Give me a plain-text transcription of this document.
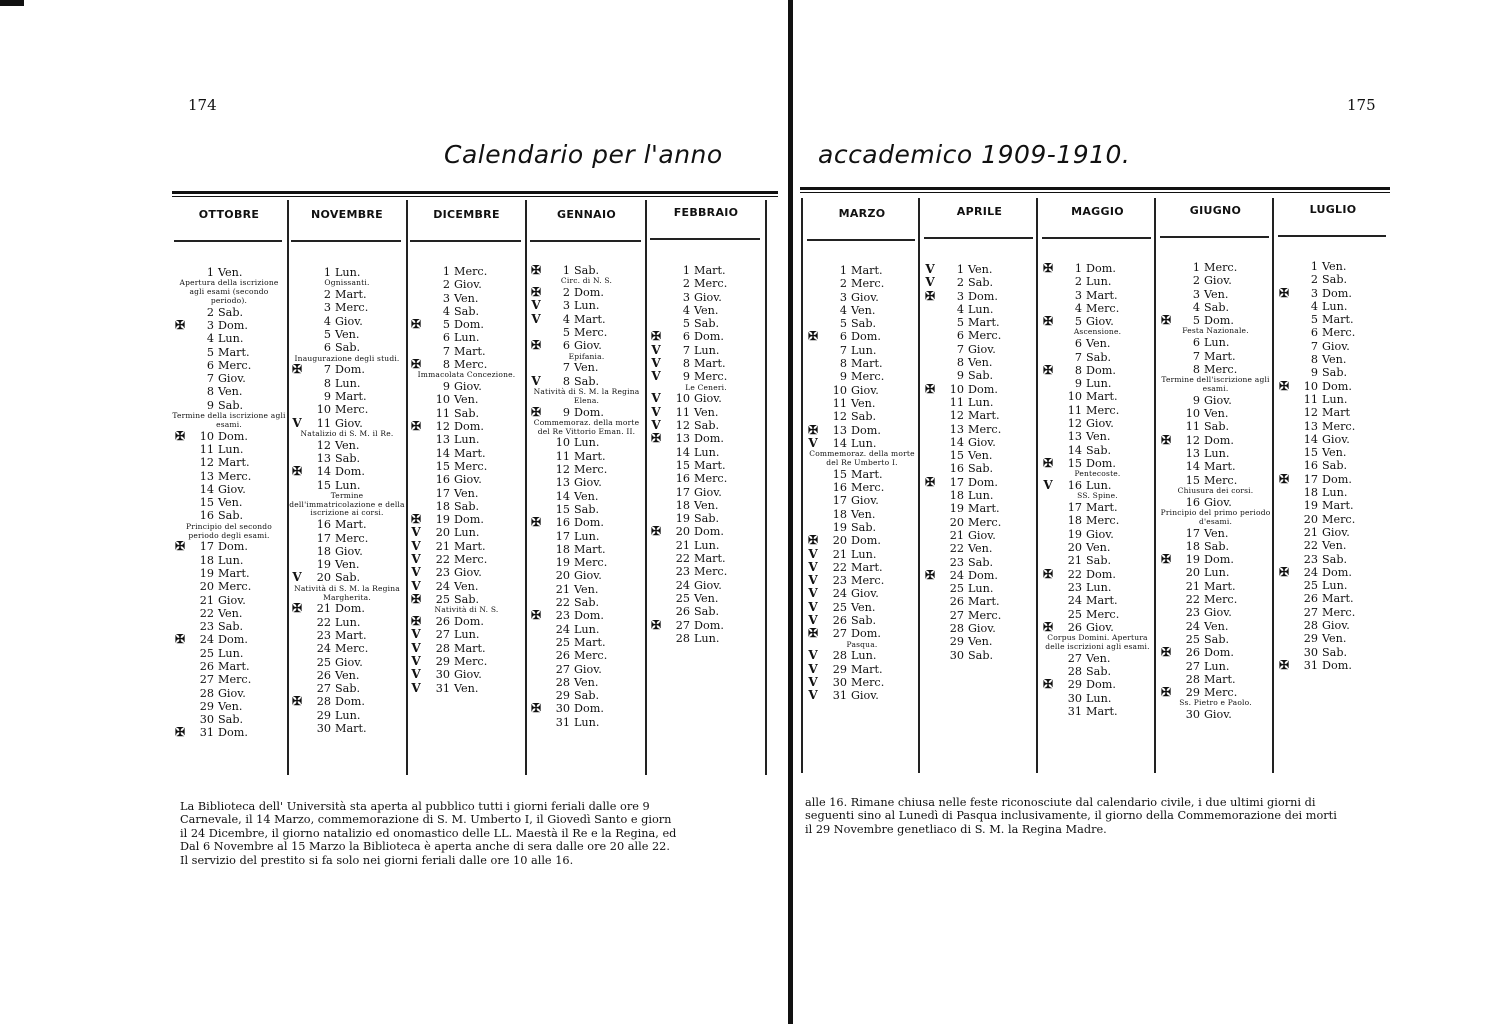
174
Calendario per l'anno
La Biblioteca dell' Università sta aperta al pubblico tutti i giorni feriali dalle ore 9
Carnevale, il 14 Marzo, commemorazione di S. M. Umberto I, il Giovedì Santo e giorn
il 24 Dicembre, il giorno natalizio ed onomastico delle LL. Maestà il Re e la Regina, ed
Dal 6 Novembre al 15 Marzo la Biblioteca è aperta anche di sera dalle ore 20 alle 22.
Il servizio del prestito si fa solo nei giorni feriali dalle ore 10 alle 16.
175
accademico 1909-1910.
alle 16. Rimane chiusa nelle feste riconosciute dal calendario civile, i due ultimi giorni di
seguenti sino al Lunedì di Pasqua inclusivamente, il giorno della Commemorazione dei morti
il 29 Novembre genetliaco di S. M. la Regina Madre.
OTTOBRE
1 Ven.
Apertura della iscrizione agli esami (secondo periodo).
2 Sab.
✠	3 Dom.
4 Lun.
5 Mart.
6 Merc.
7 Giov.
8 Ven.
9 Sab.
Termine della iscrizione agli esami.
✠	10 Dom.
11 Lun.
12 Mart.
13 Merc.
14 Giov.
15 Ven.
16 Sab.
Principio del secondo periodo degli esami.
✠	17 Dom.
18 Lun.
19 Mart.
20 Merc.
21 Giov.
22 Ven.
23 Sab.
✠	24 Dom.
25 Lun.
26 Mart.
27 Merc.
28 Giov.
29 Ven.
30 Sab.
✠	31 Dom.
NOVEMBRE
1 Lun.
Ognissanti.
2 Mart.
3 Merc.
4 Giov.
5 Ven.
6 Sab.
Inaugurazione degli studi.
✠	7 Dom.
8 Lun.
9 Mart.
10 Merc.
V	11 Giov.
Natalizio di S. M. il Re.
12 Ven.
13 Sab.
✠	14 Dom.
15 Lun.
Termine dell'immatricolazione e della iscrizione ai corsi.
16 Mart.
17 Merc.
18 Giov.
19 Ven.
V	20 Sab.
Natività di S. M. la Regina Margherita.
✠	21 Dom.
22 Lun.
23 Mart.
24 Merc.
25 Giov.
26 Ven.
27 Sab.
✠	28 Dom.
29 Lun.
30 Mart.
DICEMBRE
1 Merc.
2 Giov.
3 Ven.
4 Sab.
✠	5 Dom.
6 Lun.
7 Mart.
✠	8 Merc.
Immacolata Concezione.
9 Giov.
10 Ven.
11 Sab.
✠	12 Dom.
13 Lun.
14 Mart.
15 Merc.
16 Giov.
17 Ven.
18 Sab.
✠	19 Dom.
V	20 Lun.
V	21 Mart.
V	22 Merc.
V	23 Giov.
V	24 Ven.
✠	25 Sab.
Natività di N. S.
✠	26 Dom.
V	27 Lun.
V	28 Mart.
V	29 Merc.
V	30 Giov.
V	31 Ven.
GENNAIO
✠	1 Sab.
Circ. di N. S.
✠	2 Dom.
V	3 Lun.
V	4 Mart.
5 Merc.
✠	6 Giov.
Epifania.
7 Ven.
V	8 Sab.
Natività di S. M. la Regina Elena.
✠	9 Dom.
Commemoraz. della morte del Re Vittorio Eman. II.
10 Lun.
11 Mart.
12 Merc.
13 Giov.
14 Ven.
15 Sab.
✠	16 Dom.
17 Lun.
18 Mart.
19 Merc.
20 Giov.
21 Ven.
22 Sab.
✠	23 Dom.
24 Lun.
25 Mart.
26 Merc.
27 Giov.
28 Ven.
29 Sab.
✠	30 Dom.
31 Lun.
FEBBRAIO
1 Mart.
2 Merc.
3 Giov.
4 Ven.
5 Sab.
✠	6 Dom.
V	7 Lun.
V	8 Mart.
V	9 Merc.
Le Ceneri.
V	10 Giov.
V	11 Ven.
V	12 Sab.
✠	13 Dom.
14 Lun.
15 Mart.
16 Merc.
17 Giov.
18 Ven.
19 Sab.
✠	20 Dom.
21 Lun.
22 Mart.
23 Merc.
24 Giov.
25 Ven.
26 Sab.
✠	27 Dom.
28 Lun.
MARZO
1 Mart.
2 Merc.
3 Giov.
4 Ven.
5 Sab.
✠	6 Dom.
7 Lun.
8 Mart.
9 Merc.
10 Giov.
11 Ven.
12 Sab.
✠	13 Dom.
V	14 Lun.
Commemoraz. della morte del Re Umberto I.
15 Mart.
16 Merc.
17 Giov.
18 Ven.
19 Sab.
✠	20 Dom.
V	21 Lun.
V	22 Mart.
V	23 Merc.
V	24 Giov.
V	25 Ven.
V	26 Sab.
✠	27 Dom.
Pasqua.
V	28 Lun.
V	29 Mart.
V	30 Merc.
V	31 Giov.
APRILE
V	1 Ven.
V	2 Sab.
✠	3 Dom.
4 Lun.
5 Mart.
6 Merc.
7 Giov.
8 Ven.
9 Sab.
✠	10 Dom.
11 Lun.
12 Mart.
13 Merc.
14 Giov.
15 Ven.
16 Sab.
✠	17 Dom.
18 Lun.
19 Mart.
20 Merc.
21 Giov.
22 Ven.
23 Sab.
✠	24 Dom.
25 Lun.
26 Mart.
27 Merc.
28 Giov.
29 Ven.
30 Sab.
MAGGIO
✠	1 Dom.
2 Lun.
3 Mart.
4 Merc.
✠	5 Giov.
Ascensione.
6 Ven.
7 Sab.
✠	8 Dom.
9 Lun.
10 Mart.
11 Merc.
12 Giov.
13 Ven.
14 Sab.
✠	15 Dom.
Pentecoste.
V	16 Lun.
SS. Spine.
17 Mart.
18 Merc.
19 Giov.
20 Ven.
21 Sab.
✠	22 Dom.
23 Lun.
24 Mart.
25 Merc.
✠	26 Giov.
Corpus Domini. Apertura delle iscrizioni agli esami.
27 Ven.
28 Sab.
✠	29 Dom.
30 Lun.
31 Mart.
GIUGNO
1 Merc.
2 Giov.
3 Ven.
4 Sab.
✠	5 Dom.
Festa Nazionale.
6 Lun.
7 Mart.
8 Merc.
Termine dell'iscrizione agli esami.
9 Giov.
10 Ven.
11 Sab.
✠	12 Dom.
13 Lun.
14 Mart.
15 Merc.
Chiusura dei corsi.
16 Giov.
Principio del primo periodo d'esami.
17 Ven.
18 Sab.
✠	19 Dom.
20 Lun.
21 Mart.
22 Merc.
23 Giov.
24 Ven.
25 Sab.
✠	26 Dom.
27 Lun.
28 Mart.
✠	29 Merc.
Ss. Pietro e Paolo.
30 Giov.
LUGLIO
1 Ven.
2 Sab.
✠	3 Dom.
4 Lun.
5 Mart.
6 Merc.
7 Giov.
8 Ven.
9 Sab.
✠	10 Dom.
11 Lun.
12 Mart
13 Merc.
14 Giov.
15 Ven.
16 Sab.
✠	17 Dom.
18 Lun.
19 Mart.
20 Merc.
21 Giov.
22 Ven.
23 Sab.
✠	24 Dom.
25 Lun.
26 Mart.
27 Merc.
28 Giov.
29 Ven.
30 Sab.
✠	31 Dom.
